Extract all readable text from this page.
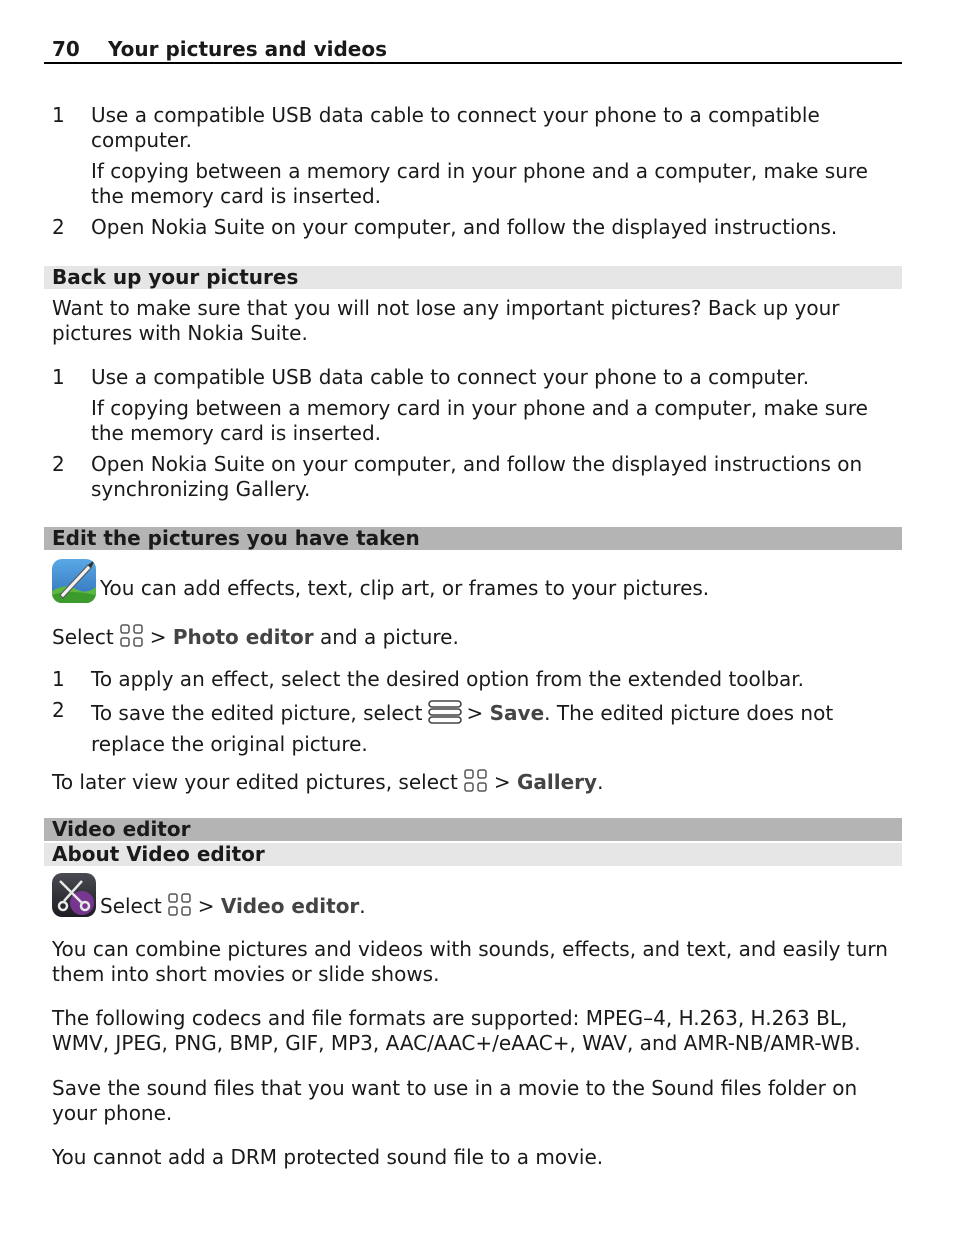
70 Your pictures and videos
1 Use a compatible USB data cable to connect your phone to a compatible computer.
If copying between a memory card in your phone and a computer, make sure the memory card is inserted.
2 Open Nokia Suite on your computer, and follow the displayed instructions.
Back up your pictures
Want to make sure that you will not lose any important pictures? Back up your pictures with Nokia Suite.
1 Use a compatible USB data cable to connect your phone to a computer.
If copying between a memory card in your phone and a computer, make sure the memory card is inserted.
2 Open Nokia Suite on your computer, and follow the displayed instructions on synchronizing Gallery.
Edit the pictures you have taken
You can add effects, text, clip art, or frames to your pictures.
Select > Photo editor and a picture.
1 To apply an effect, select the desired option from the extended toolbar.
2 To save the edited picture, select > Save. The edited picture does not replace the original picture.
To later view your edited pictures, select > Gallery.
Video editor
About Video editor
Select > Video editor.
You can combine pictures and videos with sounds, effects, and text, and easily turn them into short movies or slide shows.
The following codecs and file formats are supported: MPEG–4, H.263, H.263 BL, WMV, JPEG, PNG, BMP, GIF, MP3, AAC/AAC+/eAAC+, WAV, and AMR-NB/AMR-WB.
Save the sound files that you want to use in a movie to the Sound files folder on your phone.
You cannot add a DRM protected sound file to a movie.
